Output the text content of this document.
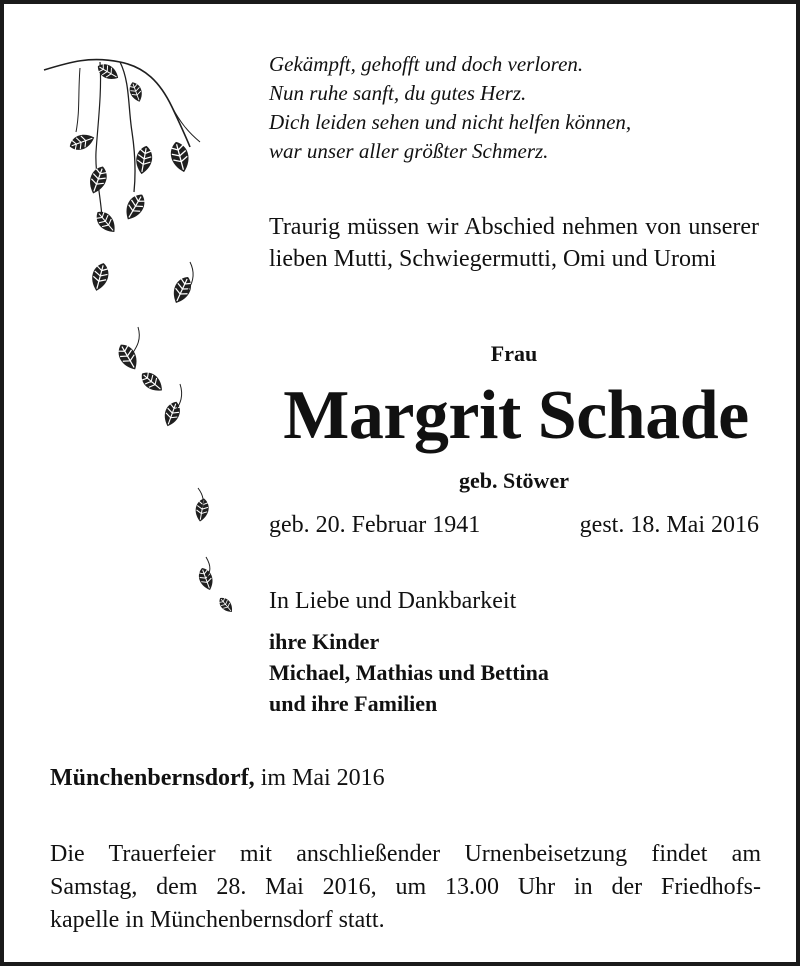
Gekämpft, gehofft und doch verloren.
Nun ruhe sanft, du gutes Herz.
Dich leiden sehen und nicht helfen können,
war unser aller größter Schmerz.

Traurig müssen wir Abschied nehmen von unserer lieben Mutti, Schwiegermutti, Omi und Uromi

Frau
Margrit Schade
geb. Stöwer
geb. 20. Februar 1941	gest. 18. Mai 2016
In Liebe und Dankbarkeit
ihre Kinder
Michael, Mathias und Bettina
und ihre Familien
Münchenbernsdorf, im Mai 2016
Die Trauerfeier mit anschließender Urnenbeisetzung findet am
Samstag, dem 28. Mai 2016, um 13.00 Uhr in der Friedhofs-
kapelle in Münchenbernsdorf statt.
